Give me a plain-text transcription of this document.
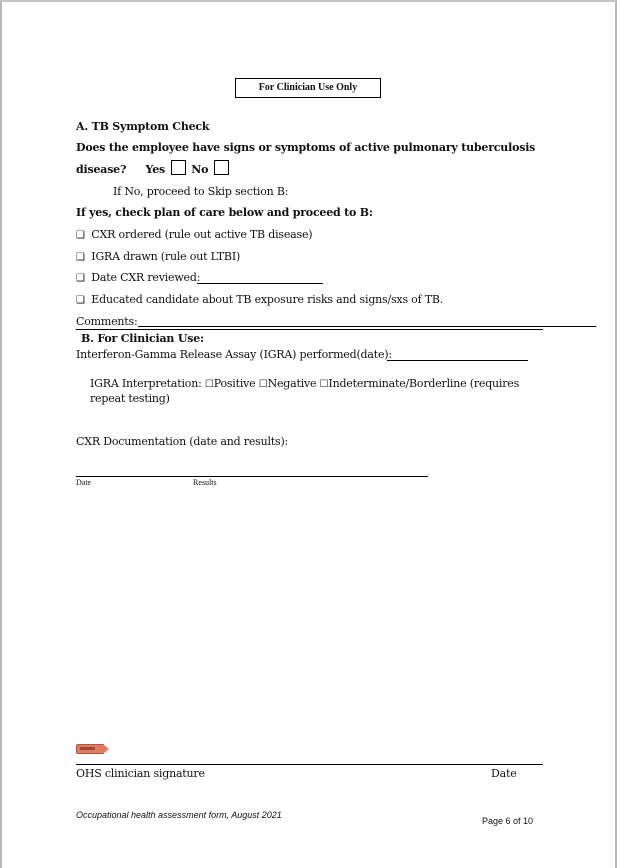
For Clinician Use Only
A. TB Symptom Check
Does the employee have signs or symptoms of active pulmonary tuberculosis
disease? Yes No
If No, proceed to Skip section B:
If yes, check plan of care below and proceed to B:
❑ CXR ordered (rule out active TB disease)
❑ IGRA drawn (rule out LTBI)
❑ Date CXR reviewed:
❑ Educated candidate about TB exposure risks and signs/sxs of TB.
Comments:
B. For Clinician Use:
Interferon-Gamma Release Assay (IGRA) performed(date):
IGRA Interpretation: ☐Positive ☐Negative ☐Indeterminate/Borderline (requires
repeat testing)
CXR Documentation (date and results):
Date	Results
OHS clinician signature	Date
Occupational health assessment form, August 2021
Page 6 of 10
